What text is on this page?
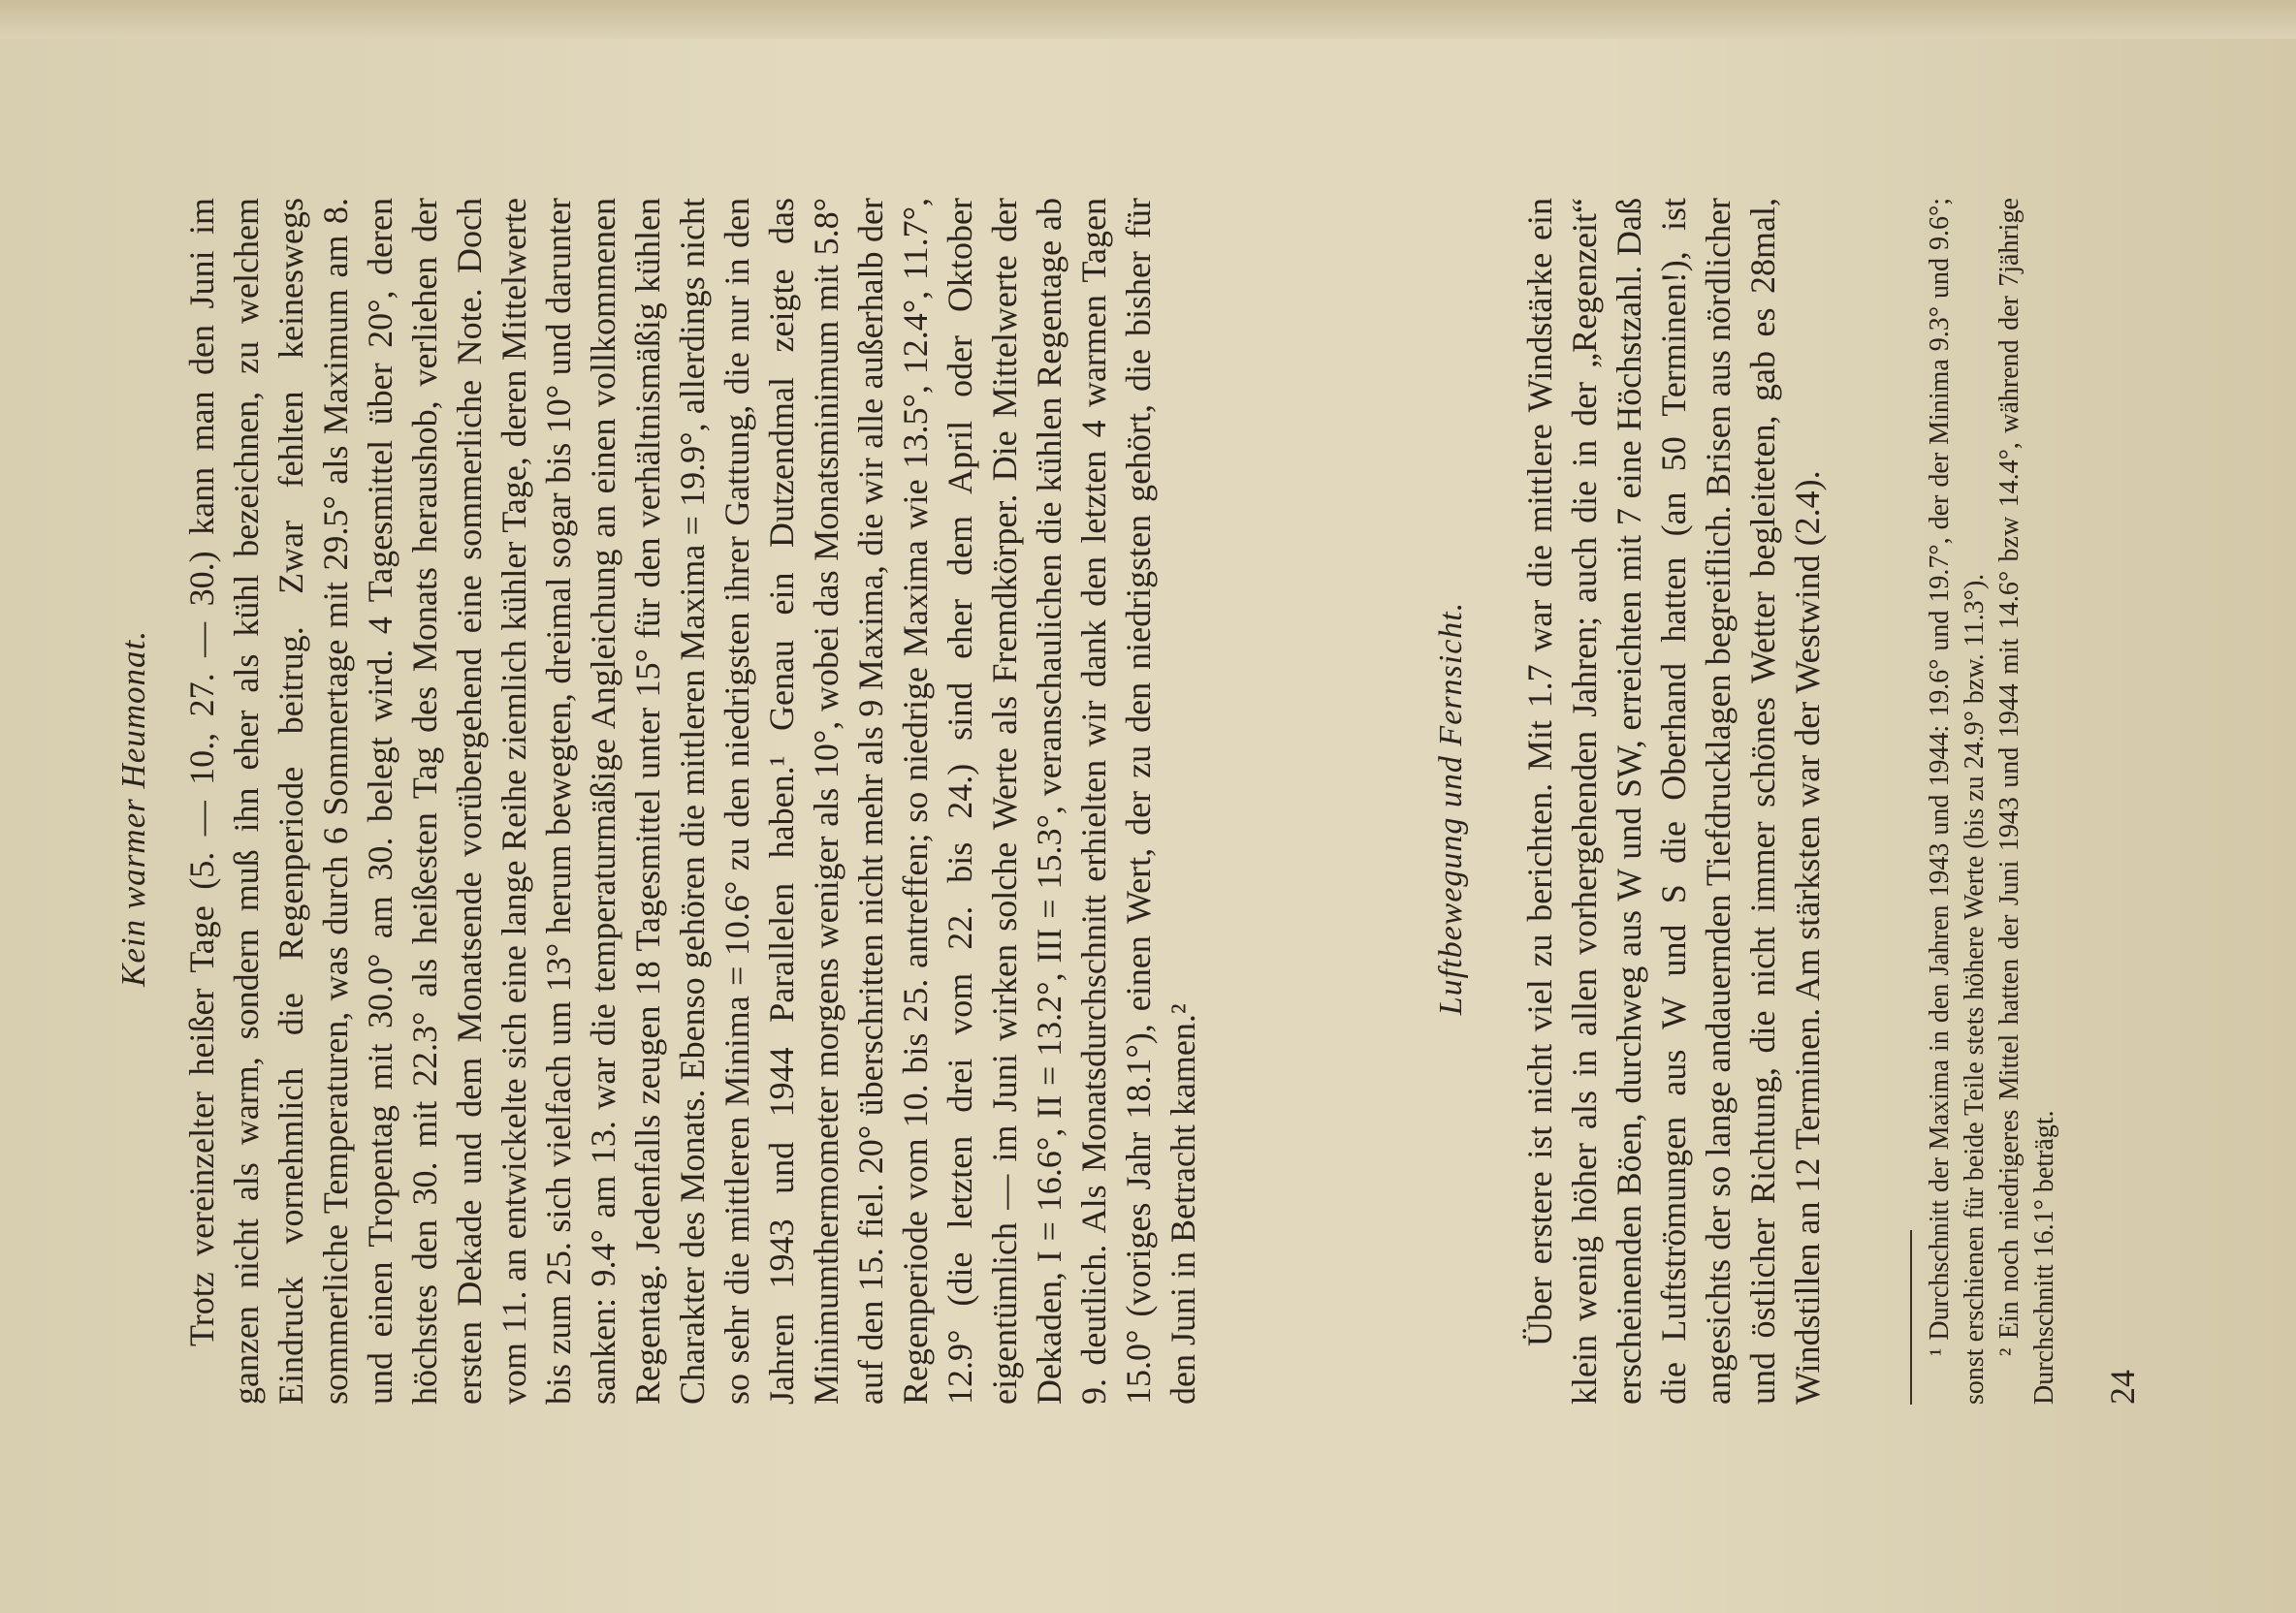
Kein warmer Heumonat. Trotz vereinzelter heißer Tage (5. — 10., 27. — 30.) kann man den Juni im ganzen nicht als warm, sondern muß ihn eher als kühl bezeichnen, zu welchem Eindruck vornehmlich die Regenperiode beitrug. Zwar fehlten keineswegs sommerliche Temperaturen, was durch 6 Sommertage mit 29.5° als Maximum am 8. und einen Tropentag mit 30.0° am 30. belegt wird. 4 Tagesmittel über 20°, deren höchstes den 30. mit 22.3° als heißesten Tag des Monats heraushob, verliehen der ersten Dekade und dem Monatsende vorübergehend eine sommerliche Note. Doch vom 11. an entwickelte sich eine lange Reihe ziemlich kühler Tage, deren Mittelwerte bis zum 25. sich vielfach um 13° herum bewegten, dreimal sogar bis 10° und darunter sanken: 9.4° am 13. war die temperaturmäßige Angleichung an einen vollkommenen Regentag. Jedenfalls zeugen 18 Tagesmittel unter 15° für den verhältnismäßig kühlen Charakter des Monats. Ebenso gehören die mittleren Maxima = 19.9°, allerdings nicht so sehr die mittleren Minima = 10.6° zu den niedrigsten ihrer Gattung, die nur in den Jahren 1943 und 1944 Parallelen haben.¹ Genau ein Dutzendmal zeigte das Minimumthermometer morgens weniger als 10°, wobei das Monatsminimum mit 5.8° auf den 15. fiel. 20° überschritten nicht mehr als 9 Maxima, die wir alle außerhalb der Regenperiode vom 10. bis 25. antreffen; so niedrige Maxima wie 13.5°, 12.4°, 11.7°, 12.9° (die letzten drei vom 22. bis 24.) sind eher dem April oder Oktober eigentümlich — im Juni wirken solche Werte als Fremdkörper. Die Mittelwerte der Dekaden, I = 16.6°, II = 13.2°, III = 15.3°, veranschaulichen die kühlen Regentage ab 9. deutlich. Als Monatsdurchschnitt erhielten wir dank den letzten 4 warmen Tagen 15.0° (voriges Jahr 18.1°), einen Wert, der zu den niedrigsten gehört, die bisher für den Juni in Betracht kamen.²

Luftbewegung und Fernsicht. Über erstere ist nicht viel zu berichten. Mit 1.7 war die mittlere Windstärke ein klein wenig höher als in allen vorhergehenden Jahren; auch die in der „Regenzeit“ erscheinenden Böen, durchweg aus W und SW, erreichten mit 7 eine Höchstzahl. Daß die Luftströmungen aus W und S die Oberhand hatten (an 50 Terminen!), ist angesichts der so lange andauernden Tiefdrucklagen begreiflich. Brisen aus nördlicher und östlicher Richtung, die nicht immer schönes Wetter begleiteten, gab es 28mal, Windstillen an 12 Terminen. Am stärksten war der Westwind (2.4).	¹ Durchschnitt der Maxima in den Jahren 1943 und 1944: 19.6° und 19.7°, der der Minima 9.3° und 9.6°; sonst erschienen für beide Teile stets höhere Werte (bis zu 24.9° bzw. 11.3°). ² Ein noch niedrigeres Mittel hatten der Juni 1943 und 1944 mit 14.6° bzw 14.4°, während der 7jährige Durchschnitt 16.1° beträgt. 24
